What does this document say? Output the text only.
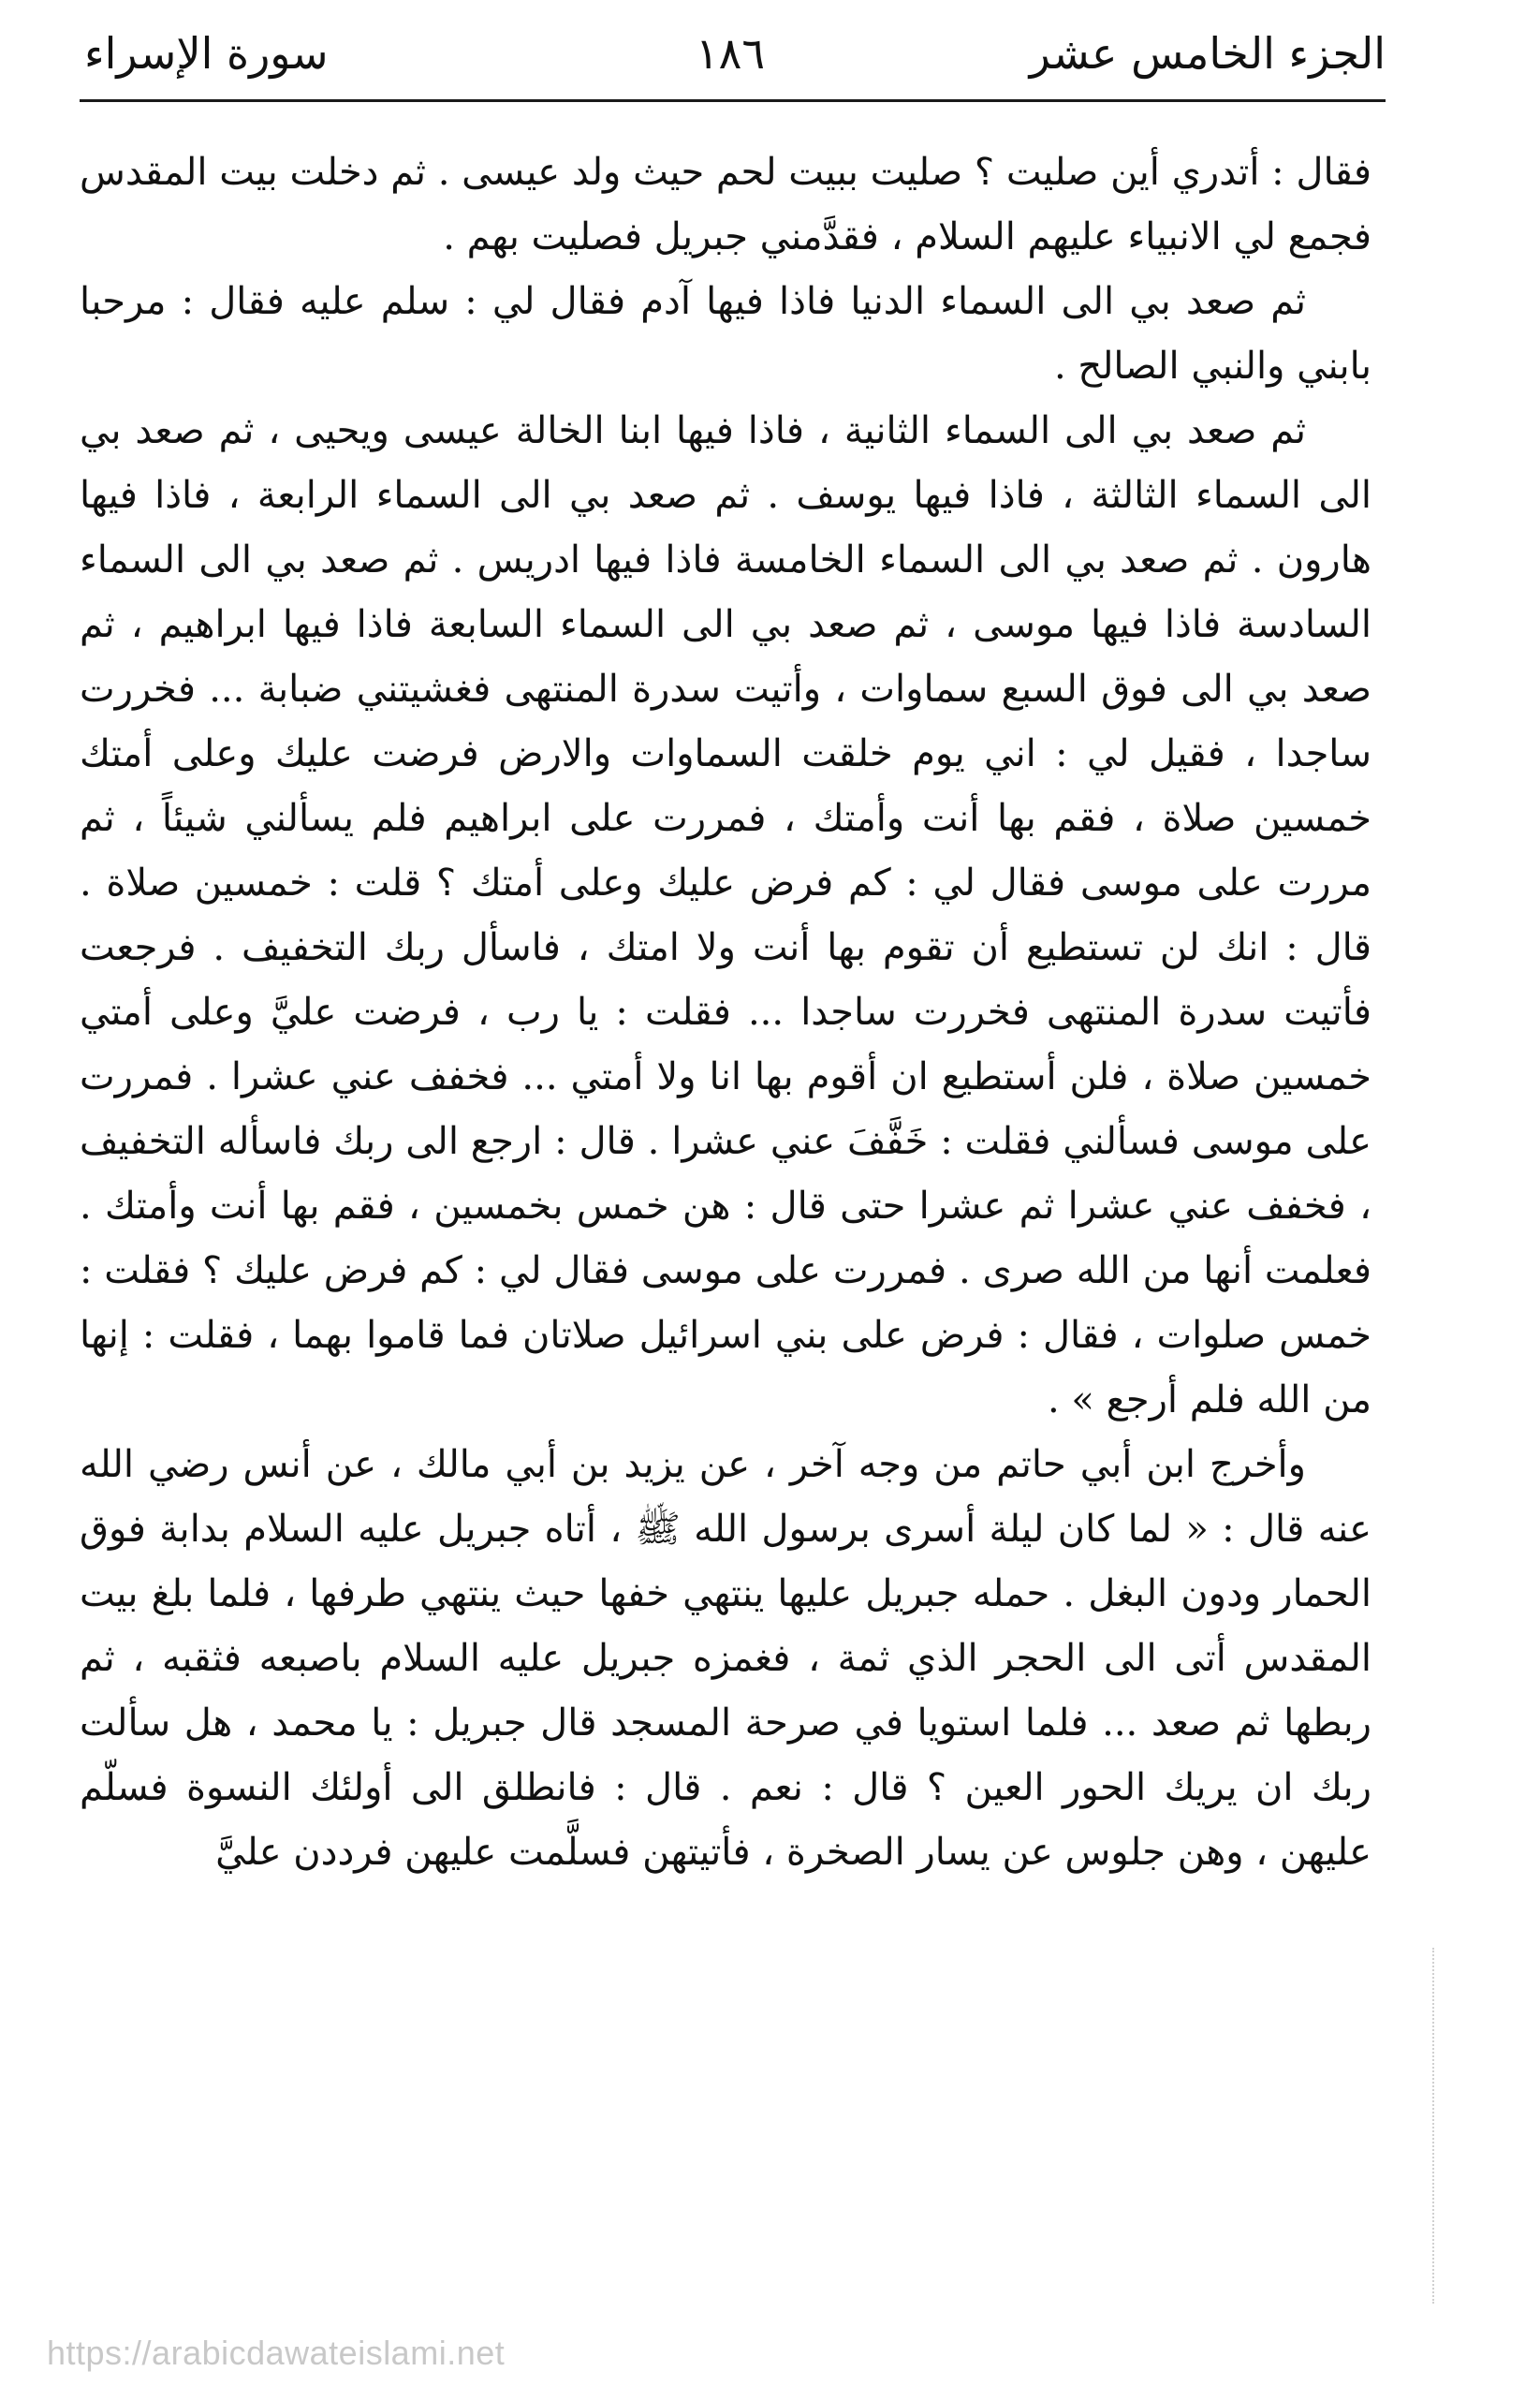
الجزء الخامس عشر
١٨٦
سورة الإسراء

فقال : أتدري أين صليت ؟ صليت ببيت لحم حيث ولد عيسى . ثم دخلت بيت المقدس فجمع لي الانبياء عليهم السلام ، فقدَّمني جبريل فصليت بهم .

ثم صعد بي الى السماء الدنيا فاذا فيها آدم فقال لي : سلم عليه فقال : مرحبا بابني والنبي الصالح .

ثم صعد بي الى السماء الثانية ، فاذا فيها ابنا الخالة عيسى ويحيى ، ثم صعد بي الى السماء الثالثة ، فاذا فيها يوسف . ثم صعد بي الى السماء الرابعة ، فاذا فيها هارون . ثم صعد بي الى السماء الخامسة فاذا فيها ادريس . ثم صعد بي الى السماء السادسة فاذا فيها موسى ، ثم صعد بي الى السماء السابعة فاذا فيها ابراهيم ، ثم صعد بي الى فوق السبع سماوات ، وأتيت سدرة المنتهى فغشيتني ضبابة ... فخررت ساجدا ، فقيل لي : اني يوم خلقت السماوات والارض فرضت عليك وعلى أمتك خمسين صلاة ، فقم بها أنت وأمتك ، فمررت على ابراهيم فلم يسألني شيئاً ، ثم مررت على موسى فقال لي : كم فرض عليك وعلى أمتك ؟ قلت : خمسين صلاة . قال : انك لن تستطيع أن تقوم بها أنت ولا امتك ، فاسأل ربك التخفيف . فرجعت فأتيت سدرة المنتهى فخررت ساجدا ... فقلت : يا رب ، فرضت عليَّ وعلى أمتي خمسين صلاة ، فلن أستطيع ان أقوم بها انا ولا أمتي ... فخفف عني عشرا . فمررت على موسى فسألني فقلت : خَفَّفَ عني عشرا . قال : ارجع الى ربك فاسأله التخفيف ، فخفف عني عشرا ثم عشرا حتى قال : هن خمس بخمسين ، فقم بها أنت وأمتك . فعلمت أنها من الله صرى . فمررت على موسى فقال لي : كم فرض عليك ؟ فقلت : خمس صلوات ، فقال : فرض على بني اسرائيل صلاتان فما قاموا بهما ، فقلت : إنها من الله فلم أرجع » .

وأخرج ابن أبي حاتم من وجه آخر ، عن يزيد بن أبي مالك ، عن أنس رضي الله عنه قال : « لما كان ليلة أسرى برسول الله ﷺ ، أتاه جبريل عليه السلام بدابة فوق الحمار ودون البغل . حمله جبريل عليها ينتهي خفها حيث ينتهي طرفها ، فلما بلغ بيت المقدس أتى الى الحجر الذي ثمة ، فغمزه جبريل عليه السلام باصبعه فثقبه ، ثم ربطها ثم صعد ... فلما استويا في صرحة المسجد قال جبريل : يا محمد ، هل سألت ربك ان يريك الحور العين ؟ قال : نعم . قال : فانطلق الى أولئك النسوة فسلّم عليهن ، وهن جلوس عن يسار الصخرة ، فأتيتهن فسلَّمت عليهن فرددن عليَّ

https://arabicdawateislami.net
